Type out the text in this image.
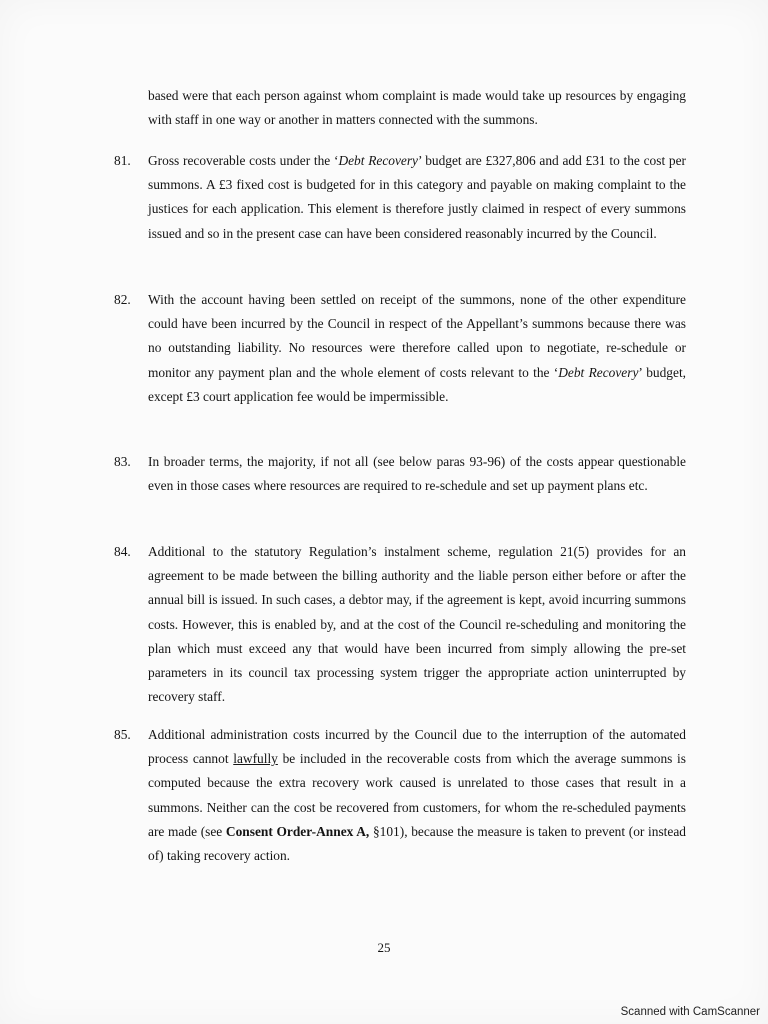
based were that each person against whom complaint is made would take up resources by engaging with staff in one way or another in matters connected with the summons.
81.	Gross recoverable costs under the ‘Debt Recovery’ budget are £327,806 and add £31 to the cost per summons. A £3 fixed cost is budgeted for in this category and payable on making complaint to the justices for each application. This element is therefore justly claimed in respect of every summons issued and so in the present case can have been considered reasonably incurred by the Council.
82.	With the account having been settled on receipt of the summons, none of the other expenditure could have been incurred by the Council in respect of the Appellant’s summons because there was no outstanding liability. No resources were therefore called upon to negotiate, re-schedule or monitor any payment plan and the whole element of costs relevant to the ‘Debt Recovery’ budget, except £3 court application fee would be impermissible.
83.	In broader terms, the majority, if not all (see below paras 93-96) of the costs appear questionable even in those cases where resources are required to re-schedule and set up payment plans etc.
84.	Additional to the statutory Regulation’s instalment scheme, regulation 21(5) provides for an agreement to be made between the billing authority and the liable person either before or after the annual bill is issued. In such cases, a debtor may, if the agreement is kept, avoid incurring summons costs. However, this is enabled by, and at the cost of the Council re-scheduling and monitoring the plan which must exceed any that would have been incurred from simply allowing the pre-set parameters in its council tax processing system trigger the appropriate action uninterrupted by recovery staff.
85.	Additional administration costs incurred by the Council due to the interruption of the automated process cannot lawfully be included in the recoverable costs from which the average summons is computed because the extra recovery work caused is unrelated to those cases that result in a summons. Neither can the cost be recovered from customers, for whom the re-scheduled payments are made (see Consent Order-Annex A, §101), because the measure is taken to prevent (or instead of) taking recovery action.
25
Scanned with CamScanner
